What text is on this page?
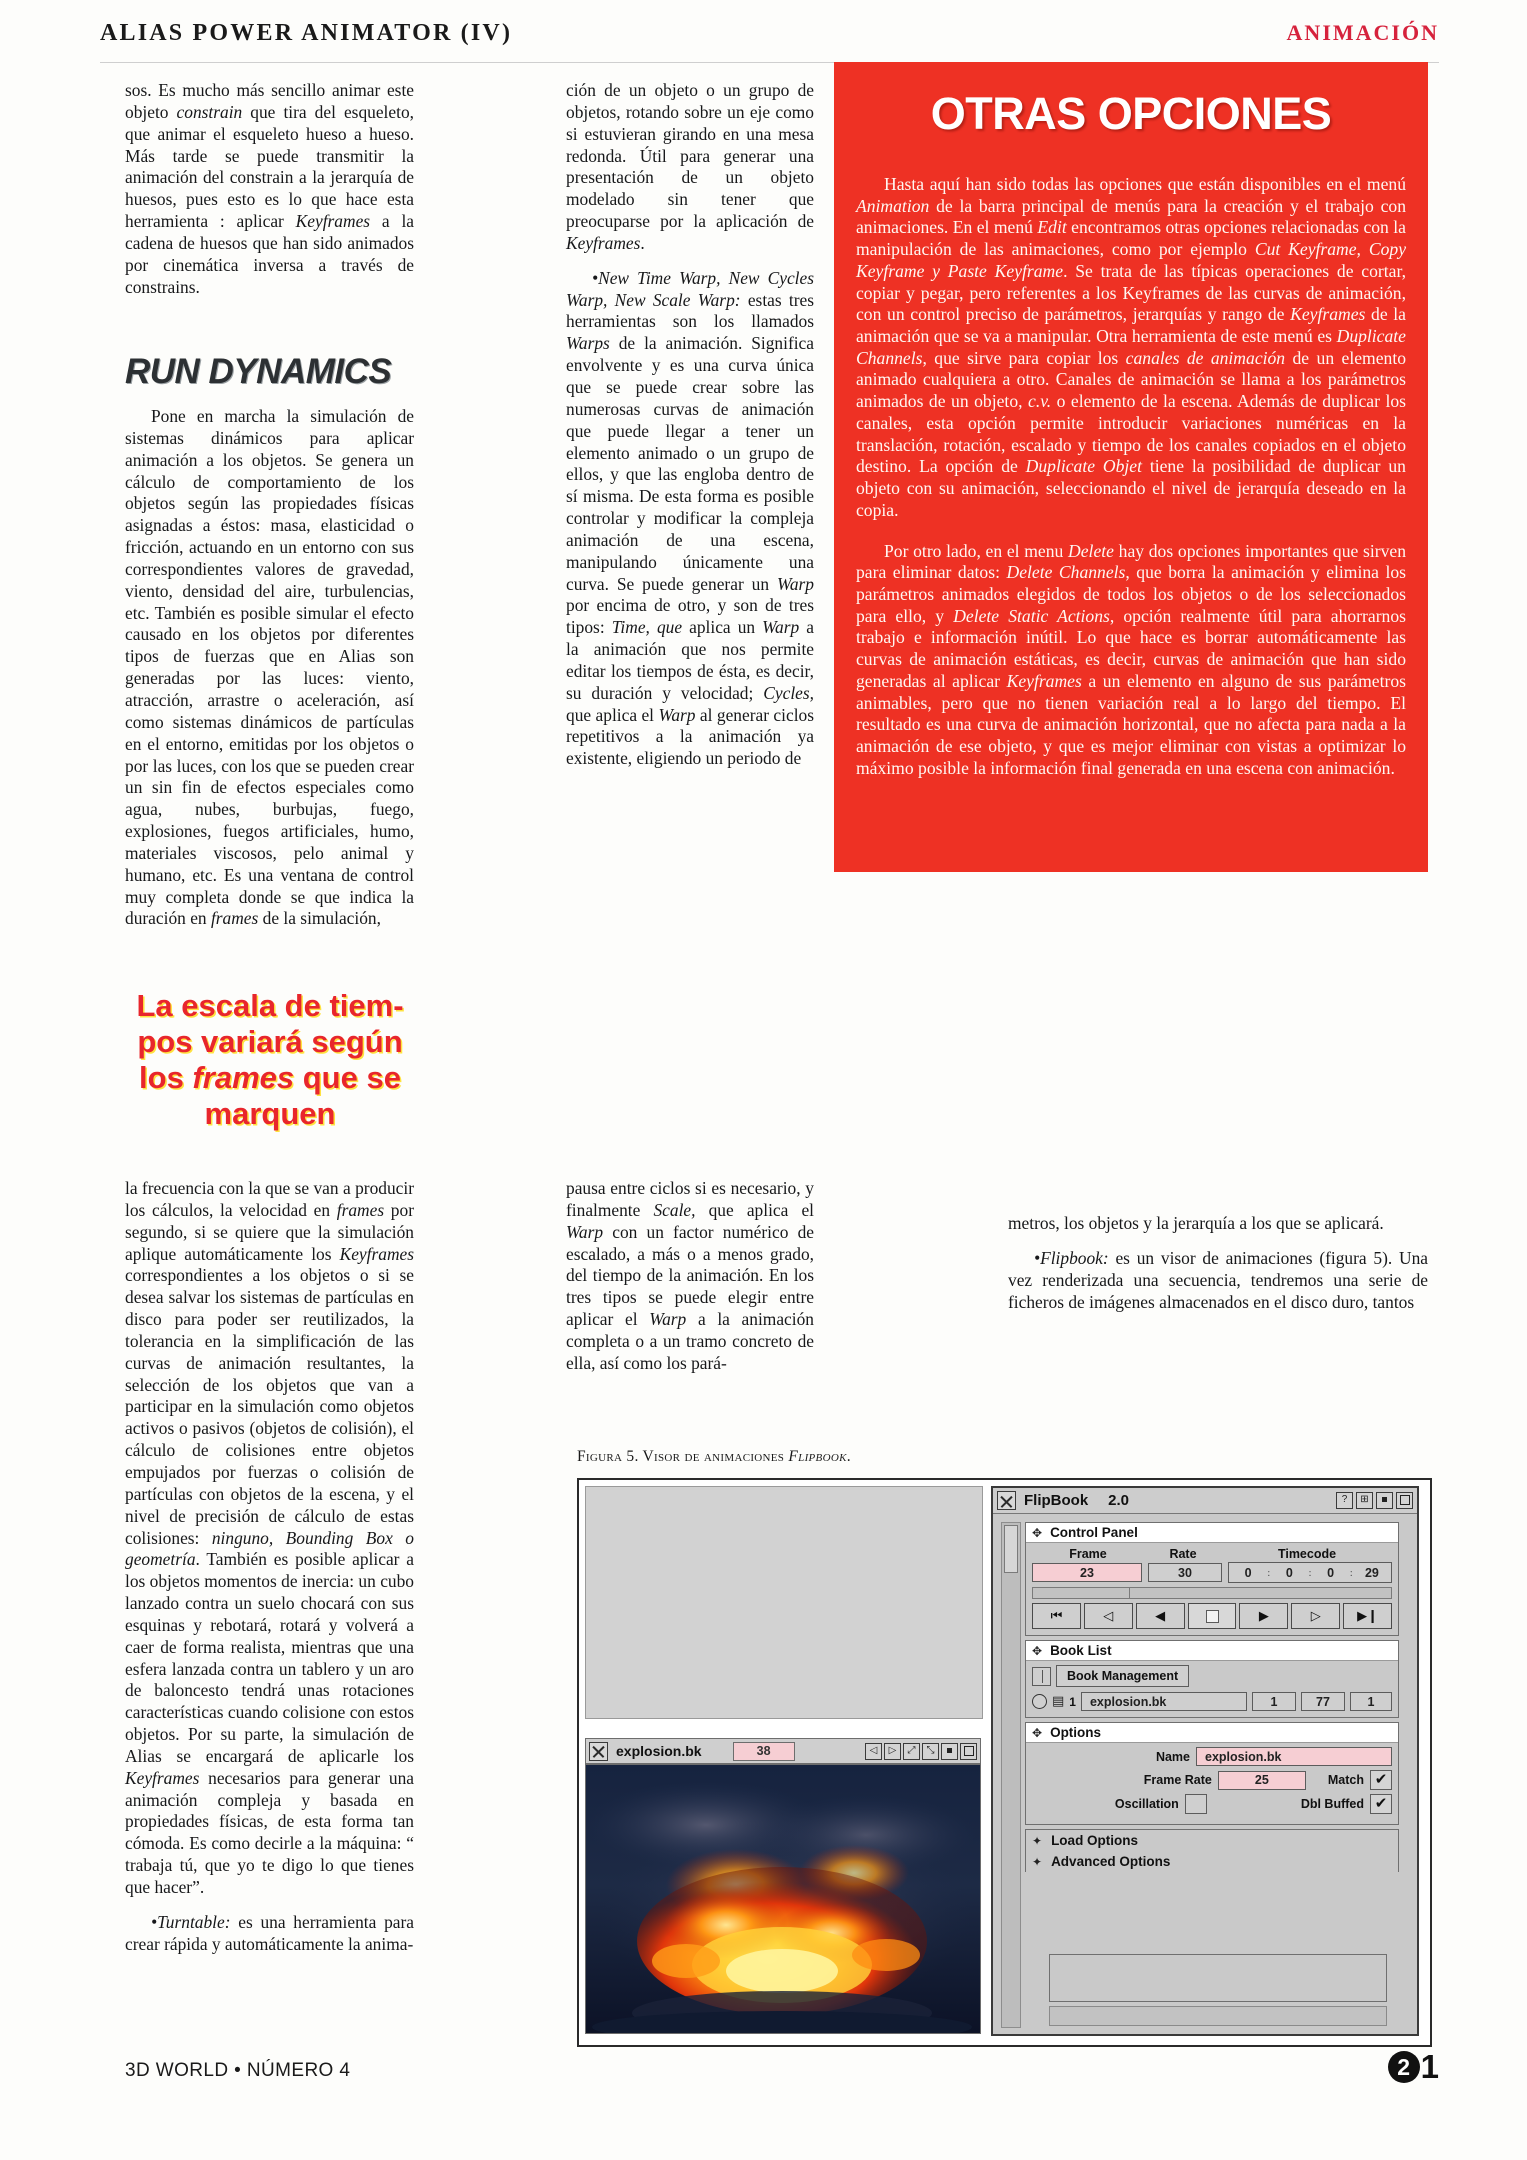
ALIAS POWER ANIMATOR (IV)	ANIMACIÓN

sos. Es mucho más sencillo animar este objeto constrain que tira del esqueleto, que animar el esqueleto hueso a hueso. Más tarde se puede transmitir la animación del constrain a la jerarquía de huesos, pues esto es lo que hace esta herramienta : aplicar Keyframes a la cadena de huesos que han sido animados por cinemática inversa a través de constrains.

RUN DYNAMICS

Pone en marcha la simulación de sistemas dinámicos para aplicar animación a los objetos. Se genera un cálculo de comportamiento de los objetos según las propiedades físicas asignadas a éstos: masa, elasticidad o fricción, actuando en un entorno con sus correspondientes valores de gravedad, viento, densidad del aire, turbulencias, etc. También es posible simular el efecto causado en los objetos por diferentes tipos de fuerzas que en Alias son generadas por las luces: viento, atracción, arrastre o aceleración, así como sistemas dinámicos de partículas en el entorno, emitidas por los objetos o por las luces, con los que se pueden crear un sin fin de efectos especiales como agua, nubes, burbujas, fuego, explosiones, fuegos artificiales, humo, materiales viscosos, pelo animal y humano, etc. Es una ventana de control muy completa donde se que indica la duración en frames de la simulación,

La escala de tiem-
pos variará según
los frames que se
marquen

la frecuencia con la que se van a producir los cálculos, la velocidad en frames por segundo, si se quiere que la simulación aplique automáticamente los Keyframes correspondientes a los objetos o si se desea salvar los sistemas de partículas en disco para poder ser reutilizados, la tolerancia en la simplificación de las curvas de animación resultantes, la selección de los objetos que van a participar en la simulación como objetos activos o pasivos (objetos de colisión), el cálculo de colisiones entre objetos empujados por fuerzas o colisión de partículas con objetos de la escena, y el nivel de precisión de cálculo de estas colisiones: ninguno, Bounding Box o geometría. También es posible aplicar a los objetos momentos de inercia: un cubo lanzado contra un suelo chocará con sus esquinas y rebotará, rotará y volverá a caer de forma realista, mientras que una esfera lanzada contra un tablero y un aro de baloncesto tendrá unas rotaciones características cuando colisione con estos objetos. Por su parte, la simulación de Alias se encargará de aplicarle los Keyframes necesarios para generar una animación compleja y basada en propiedades físicas, de esta forma tan cómoda. Es como decirle a la máquina: “ trabaja tú, que yo te digo lo que tienes que hacer”.

•Turntable: es una herramienta para crear rápida y automáticamente la anima-

ción de un objeto o un grupo de objetos, rotando sobre un eje como si estuvieran girando en una mesa redonda. Útil para generar una presentación de un objeto modelado sin tener que preocuparse por la aplicación de Keyframes.

•New Time Warp, New Cycles Warp, New Scale Warp: estas tres herramientas son los llamados Warps de la animación. Significa envolvente y es una curva única que se puede crear sobre las numerosas curvas de animación que puede llegar a tener un elemento animado o un grupo de ellos, y que las engloba dentro de sí misma. De esta forma es posible controlar y modificar la compleja animación de una escena, manipulando únicamente una curva. Se puede generar un Warp por encima de otro, y son de tres tipos: Time, que aplica un Warp a la animación que nos permite editar los tiempos de ésta, es decir, su duración y velocidad; Cycles, que aplica el Warp al generar ciclos repetitivos a la animación ya existente, eligiendo un periodo de

pausa entre ciclos si es necesario, y finalmente Scale, que aplica el Warp con un factor numérico de escalado, a más o a menos grado, del tiempo de la animación. En los tres tipos se puede elegir entre aplicar el Warp a la animación completa o a un tramo concreto de ella, así como los pará-

OTRAS OPCIONES

Hasta aquí han sido todas las opciones que están disponibles en el menú Animation de la barra principal de menús para la creación y el trabajo con animaciones. En el menú Edit encontramos otras opciones relacionadas con la manipulación de las animaciones, como por ejemplo Cut Keyframe, Copy Keyframe y Paste Keyframe. Se trata de las típicas operaciones de cortar, copiar y pegar, pero referentes a los Keyframes de las curvas de animación, con un control preciso de parámetros, jerarquías y rango de Keyframes de la animación que se va a manipular. Otra herramienta de este menú es Duplicate Channels, que sirve para copiar los canales de animación de un elemento animado cualquiera a otro. Canales de animación se llama a los parámetros animados de un objeto, c.v. o elemento de la escena. Además de duplicar los canales, esta opción permite introducir variaciones numéricas en la translación, rotación, escalado y tiempo de los canales copiados en el objeto destino. La opción de Duplicate Objet tiene la posibilidad de duplicar un objeto con su animación, seleccionando el nivel de jerarquía deseado en la copia.

Por otro lado, en el menu Delete hay dos opciones importantes que sirven para eliminar datos: Delete Channels, que borra la animación y elimina los parámetros animados elegidos de todos los objetos o de los seleccionados para ello, y Delete Static Actions, opción realmente útil para ahorrarnos trabajo e información inútil. Lo que hace es borrar automáticamente las curvas de animación estáticas, es decir, curvas de animación que han sido generadas al aplicar Keyframes a un elemento en alguno de sus parámetros animables, pero que no tienen variación real a lo largo del tiempo. El resultado es una curva de animación horizontal, que no afecta para nada a la animación de ese objeto, y que es mejor eliminar con vistas a optimizar lo máximo posible la información final generada en una escena con animación.

metros, los objetos y la jerarquía a los que se aplicará.

•Flipbook: es un visor de animaciones (figura 5). Una vez renderizada una secuencia, tendremos una serie de ficheros de imágenes almacenados en el disco duro, tantos

Figura 5. Visor de animaciones Flipbook.
explosion.bk	38	◁	▷	⤢	⤡
FlipBook 2.0	?	⊞
✥ Control Panel
Frame	Rate	Timecode
23	30	0	:	0	:	0	: 29
⏮	◁	◀	▶	▷	▶❙
✥ Book List
Book Management
▤ 1	explosion.bk	1	77	1
✥ Options
Name	explosion.bk
Frame Rate	25	Match ✔
Oscillation	Dbl Buffed ✔
✦ Load Options
✦ Advanced Options
3D WORLD • NÚMERO 4	2 1
